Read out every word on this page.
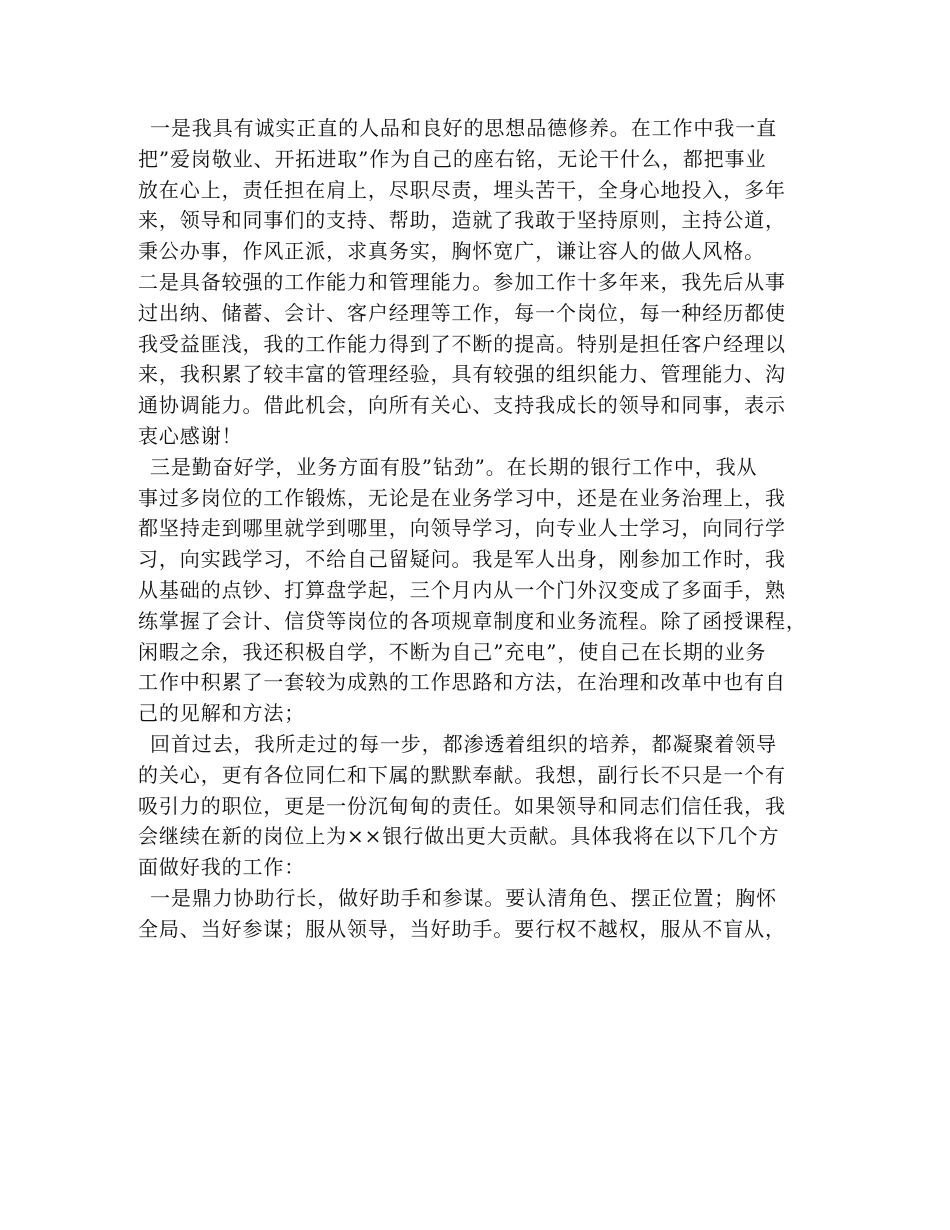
一是我具有诚实正直的人品和良好的思想品德修养。在工作中我一直
把”爱岗敬业、开拓进取”作为自己的座右铭，无论干什么，都把事业
放在心上，责任担在肩上，尽职尽责，埋头苦干，全身心地投入，多年
来，领导和同事们的支持、帮助，造就了我敢于坚持原则，主持公道，
秉公办事，作风正派，求真务实，胸怀宽广，谦让容人的做人风格。
二是具备较强的工作能力和管理能力。参加工作十多年来，我先后从事
过出纳、储蓄、会计、客户经理等工作，每一个岗位，每一种经历都使
我受益匪浅，我的工作能力得到了不断的提高。特别是担任客户经理以
来，我积累了较丰富的管理经验，具有较强的组织能力、管理能力、沟
通协调能力。借此机会，向所有关心、支持我成长的领导和同事，表示
衷心感谢！
三是勤奋好学，业务方面有股”钻劲”。在长期的银行工作中，我从
事过多岗位的工作锻炼，无论是在业务学习中，还是在业务治理上，我
都坚持走到哪里就学到哪里，向领导学习，向专业人士学习，向同行学
习，向实践学习，不给自己留疑问。我是军人出身，刚参加工作时，我
从基础的点钞、打算盘学起，三个月内从一个门外汉变成了多面手，熟
练掌握了会计、信贷等岗位的各项规章制度和业务流程。除了函授课程，
闲暇之余，我还积极自学，不断为自己”充电”，使自己在长期的业务
工作中积累了一套较为成熟的工作思路和方法，在治理和改革中也有自
己的见解和方法；
回首过去，我所走过的每一步，都渗透着组织的培养，都凝聚着领导
的关心，更有各位同仁和下属的默默奉献。我想，副行长不只是一个有
吸引力的职位，更是一份沉甸甸的责任。如果领导和同志们信任我，我
会继续在新的岗位上为××银行做出更大贡献。具体我将在以下几个方
面做好我的工作：
一是鼎力协助行长，做好助手和参谋。要认清角色、摆正位置；胸怀
全局、当好参谋；服从领导，当好助手。要行权不越权，服从不盲从，
